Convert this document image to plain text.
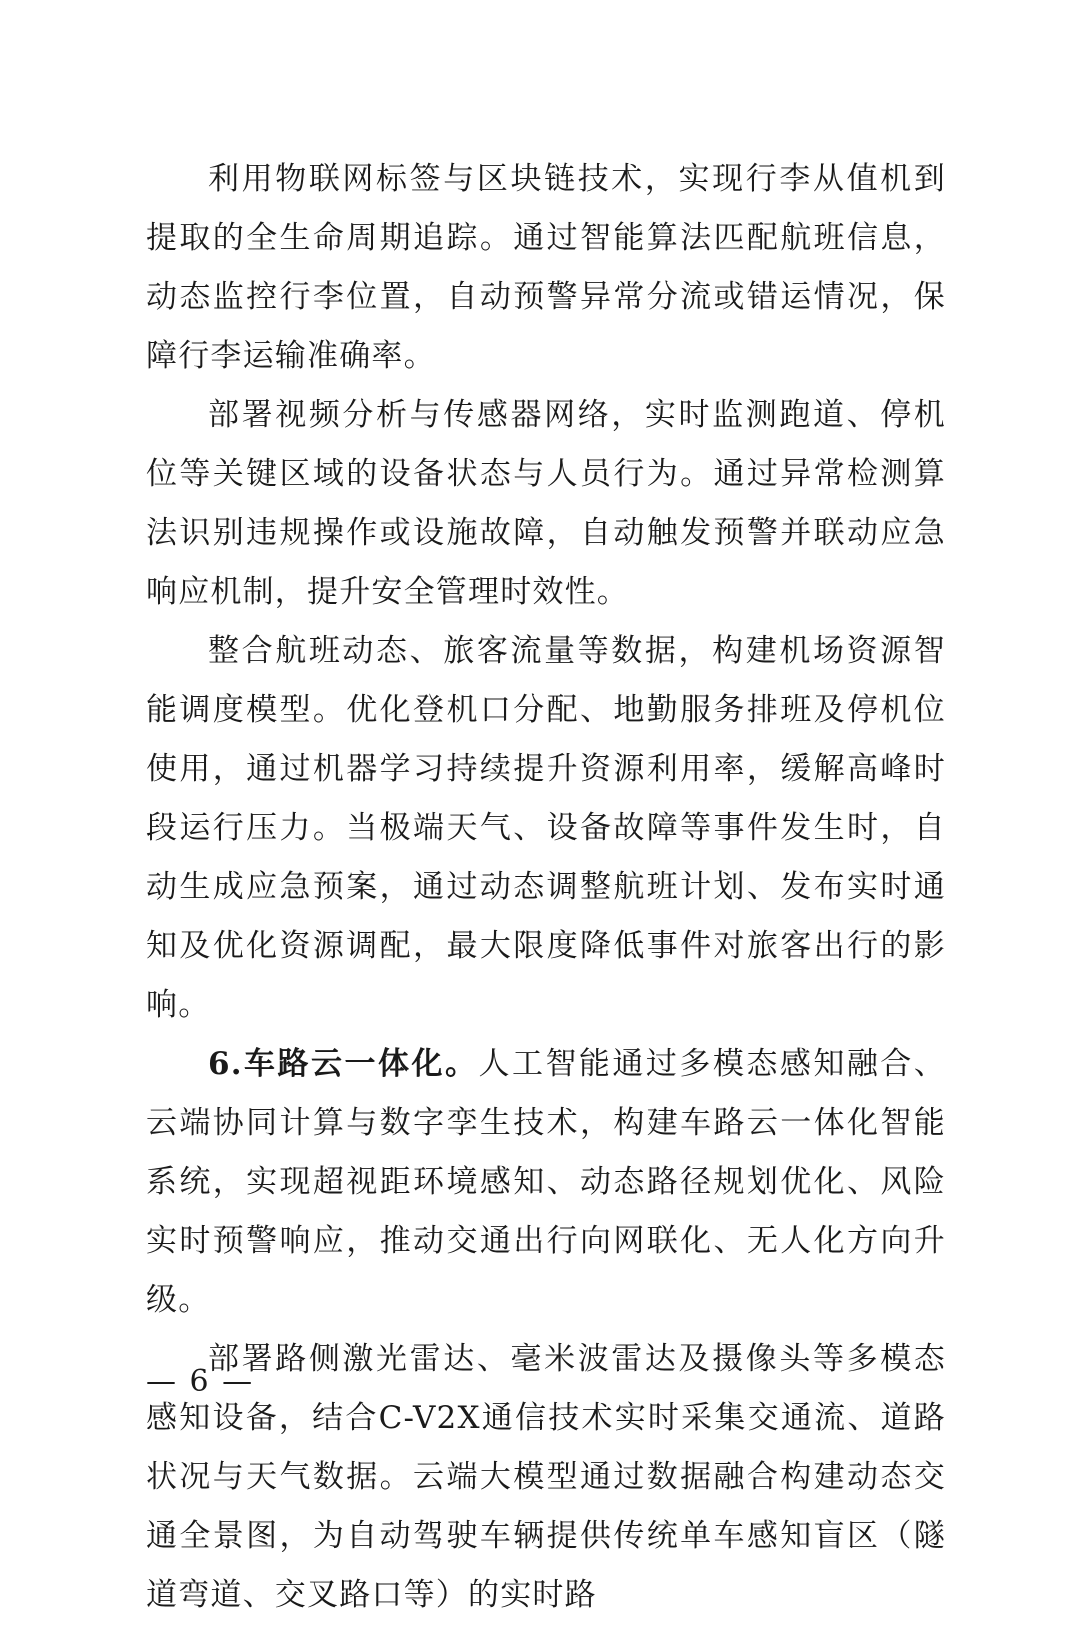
利用物联网标签与区块链技术，实现行李从值机到提取的全生命周期追踪。通过智能算法匹配航班信息，动态监控行李位置，自动预警异常分流或错运情况，保障行李运输准确率。

部署视频分析与传感器网络，实时监测跑道、停机位等关键区域的设备状态与人员行为。通过异常检测算法识别违规操作或设施故障，自动触发预警并联动应急响应机制，提升安全管理时效性。

整合航班动态、旅客流量等数据，构建机场资源智能调度模型。优化登机口分配、地勤服务排班及停机位使用，通过机器学习持续提升资源利用率，缓解高峰时段运行压力。当极端天气、设备故障等事件发生时，自动生成应急预案，通过动态调整航班计划、发布实时通知及优化资源调配，最大限度降低事件对旅客出行的影响。

6.车路云一体化。人工智能通过多模态感知融合、云端协同计算与数字孪生技术，构建车路云一体化智能系统，实现超视距环境感知、动态路径规划优化、风险实时预警响应，推动交通出行向网联化、无人化方向升级。

部署路侧激光雷达、毫米波雷达及摄像头等多模态感知设备，结合C-V2X通信技术实时采集交通流、道路状况与天气数据。云端大模型通过数据融合构建动态交通全景图，为自动驾驶车辆提供传统单车感知盲区（隧道弯道、交叉路口等）的实时路

— 6 —
